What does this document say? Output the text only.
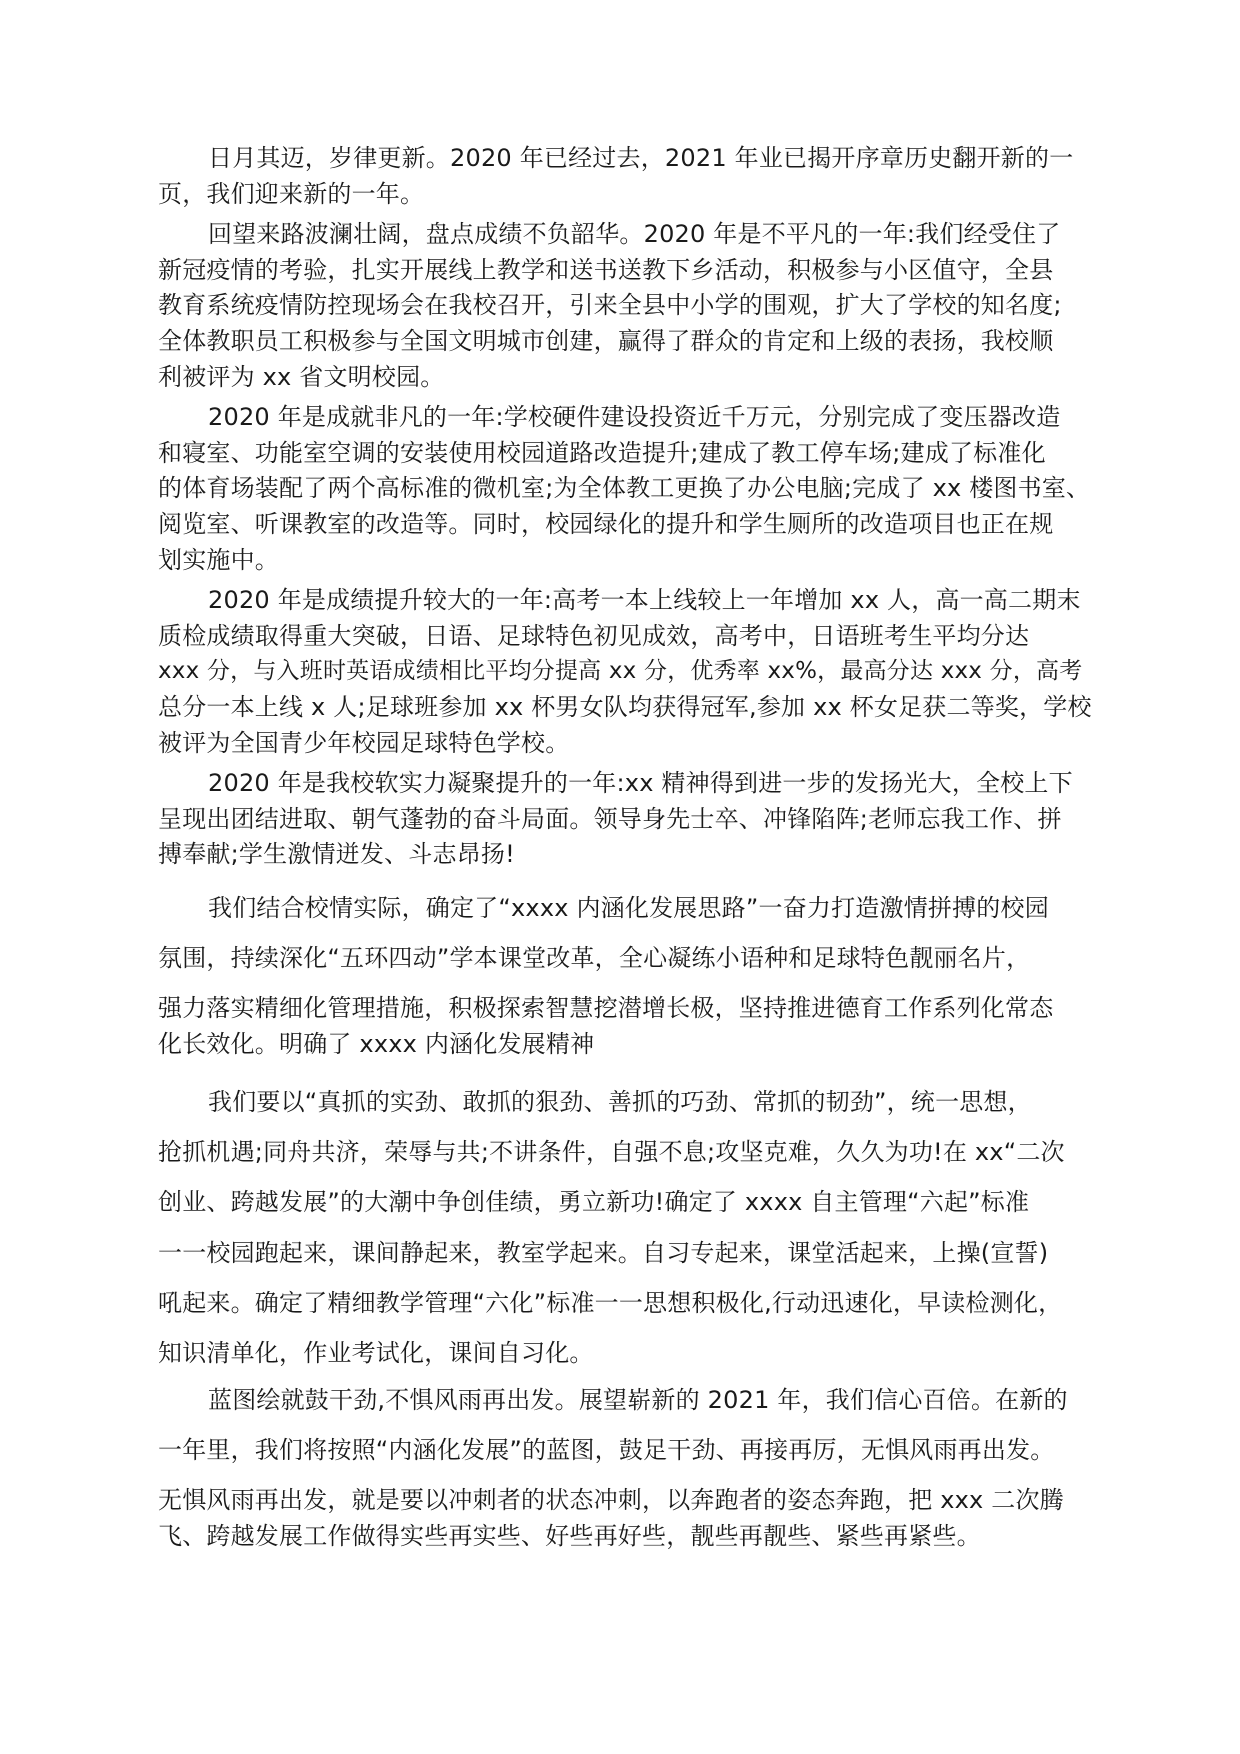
日月其迈，岁律更新。2020 年已经过去，2021 年业已揭开序章历史翻开新的一
页，我们迎来新的一年。
回望来路波澜壮阔，盘点成绩不负韶华。2020 年是不平凡的一年:我们经受住了
新冠疫情的考验，扎实开展线上教学和送书送教下乡活动，积极参与小区值守，全县
教育系统疫情防控现场会在我校召开，引来全县中小学的围观，扩大了学校的知名度;
全体教职员工积极参与全国文明城市创建，赢得了群众的肯定和上级的表扬，我校顺
利被评为 xx 省文明校园。
2020 年是成就非凡的一年:学校硬件建设投资近千万元，分别完成了变压器改造
和寝室、功能室空调的安装使用校园道路改造提升;建成了教工停车场;建成了标准化
的体育场装配了两个高标准的微机室;为全体教工更换了办公电脑;完成了 xx 楼图书室、
阅览室、听课教室的改造等。同时，校园绿化的提升和学生厕所的改造项目也正在规
划实施中。
2020 年是成绩提升较大的一年:高考一本上线较上一年增加 xx 人，高一高二期末
质检成绩取得重大突破，日语、足球特色初见成效，高考中，日语班考生平均分达
xxx 分，与入班时英语成绩相比平均分提高 xx 分，优秀率 xx%，最高分达 xxx 分，高考
总分一本上线 x 人;足球班参加 xx 杯男女队均获得冠军,参加 xx 杯女足获二等奖，学校
被评为全国青少年校园足球特色学校。
2020 年是我校软实力凝聚提升的一年:xx 精神得到进一步的发扬光大，全校上下
呈现出团结进取、朝气蓬勃的奋斗局面。领导身先士卒、冲锋陷阵;老师忘我工作、拼
搏奉献;学生激情迸发、斗志昂扬!
我们结合校情实际，确定了“xxxx 内涵化发展思路”一奋力打造激情拼搏的校园
氛围，持续深化“五环四动”学本课堂改革，全心凝练小语种和足球特色靓丽名片，
强力落实精细化管理措施，积极探索智慧挖潜增长极，坚持推进德育工作系列化常态
化长效化。明确了 xxxx 内涵化发展精神
我们要以“真抓的实劲、敢抓的狠劲、善抓的巧劲、常抓的韧劲”，统一思想，
抢抓机遇;同舟共济，荣辱与共;不讲条件，自强不息;攻坚克难，久久为功!在 xx“二次
创业、跨越发展”的大潮中争创佳绩，勇立新功!确定了 xxxx 自主管理“六起”标准
一一校园跑起来，课间静起来，教室学起来。自习专起来，课堂活起来，上操(宣誓)
吼起来。确定了精细教学管理“六化”标准一一思想积极化,行动迅速化，早读检测化，
知识清单化，作业考试化，课间自习化。
蓝图绘就鼓干劲,不惧风雨再出发。展望崭新的 2021 年，我们信心百倍。在新的
一年里，我们将按照“内涵化发展”的蓝图，鼓足干劲、再接再厉，无惧风雨再出发。
无惧风雨再出发，就是要以冲刺者的状态冲刺，以奔跑者的姿态奔跑，把 xxx 二次腾
飞、跨越发展工作做得实些再实些、好些再好些，靓些再靓些、紧些再紧些。
